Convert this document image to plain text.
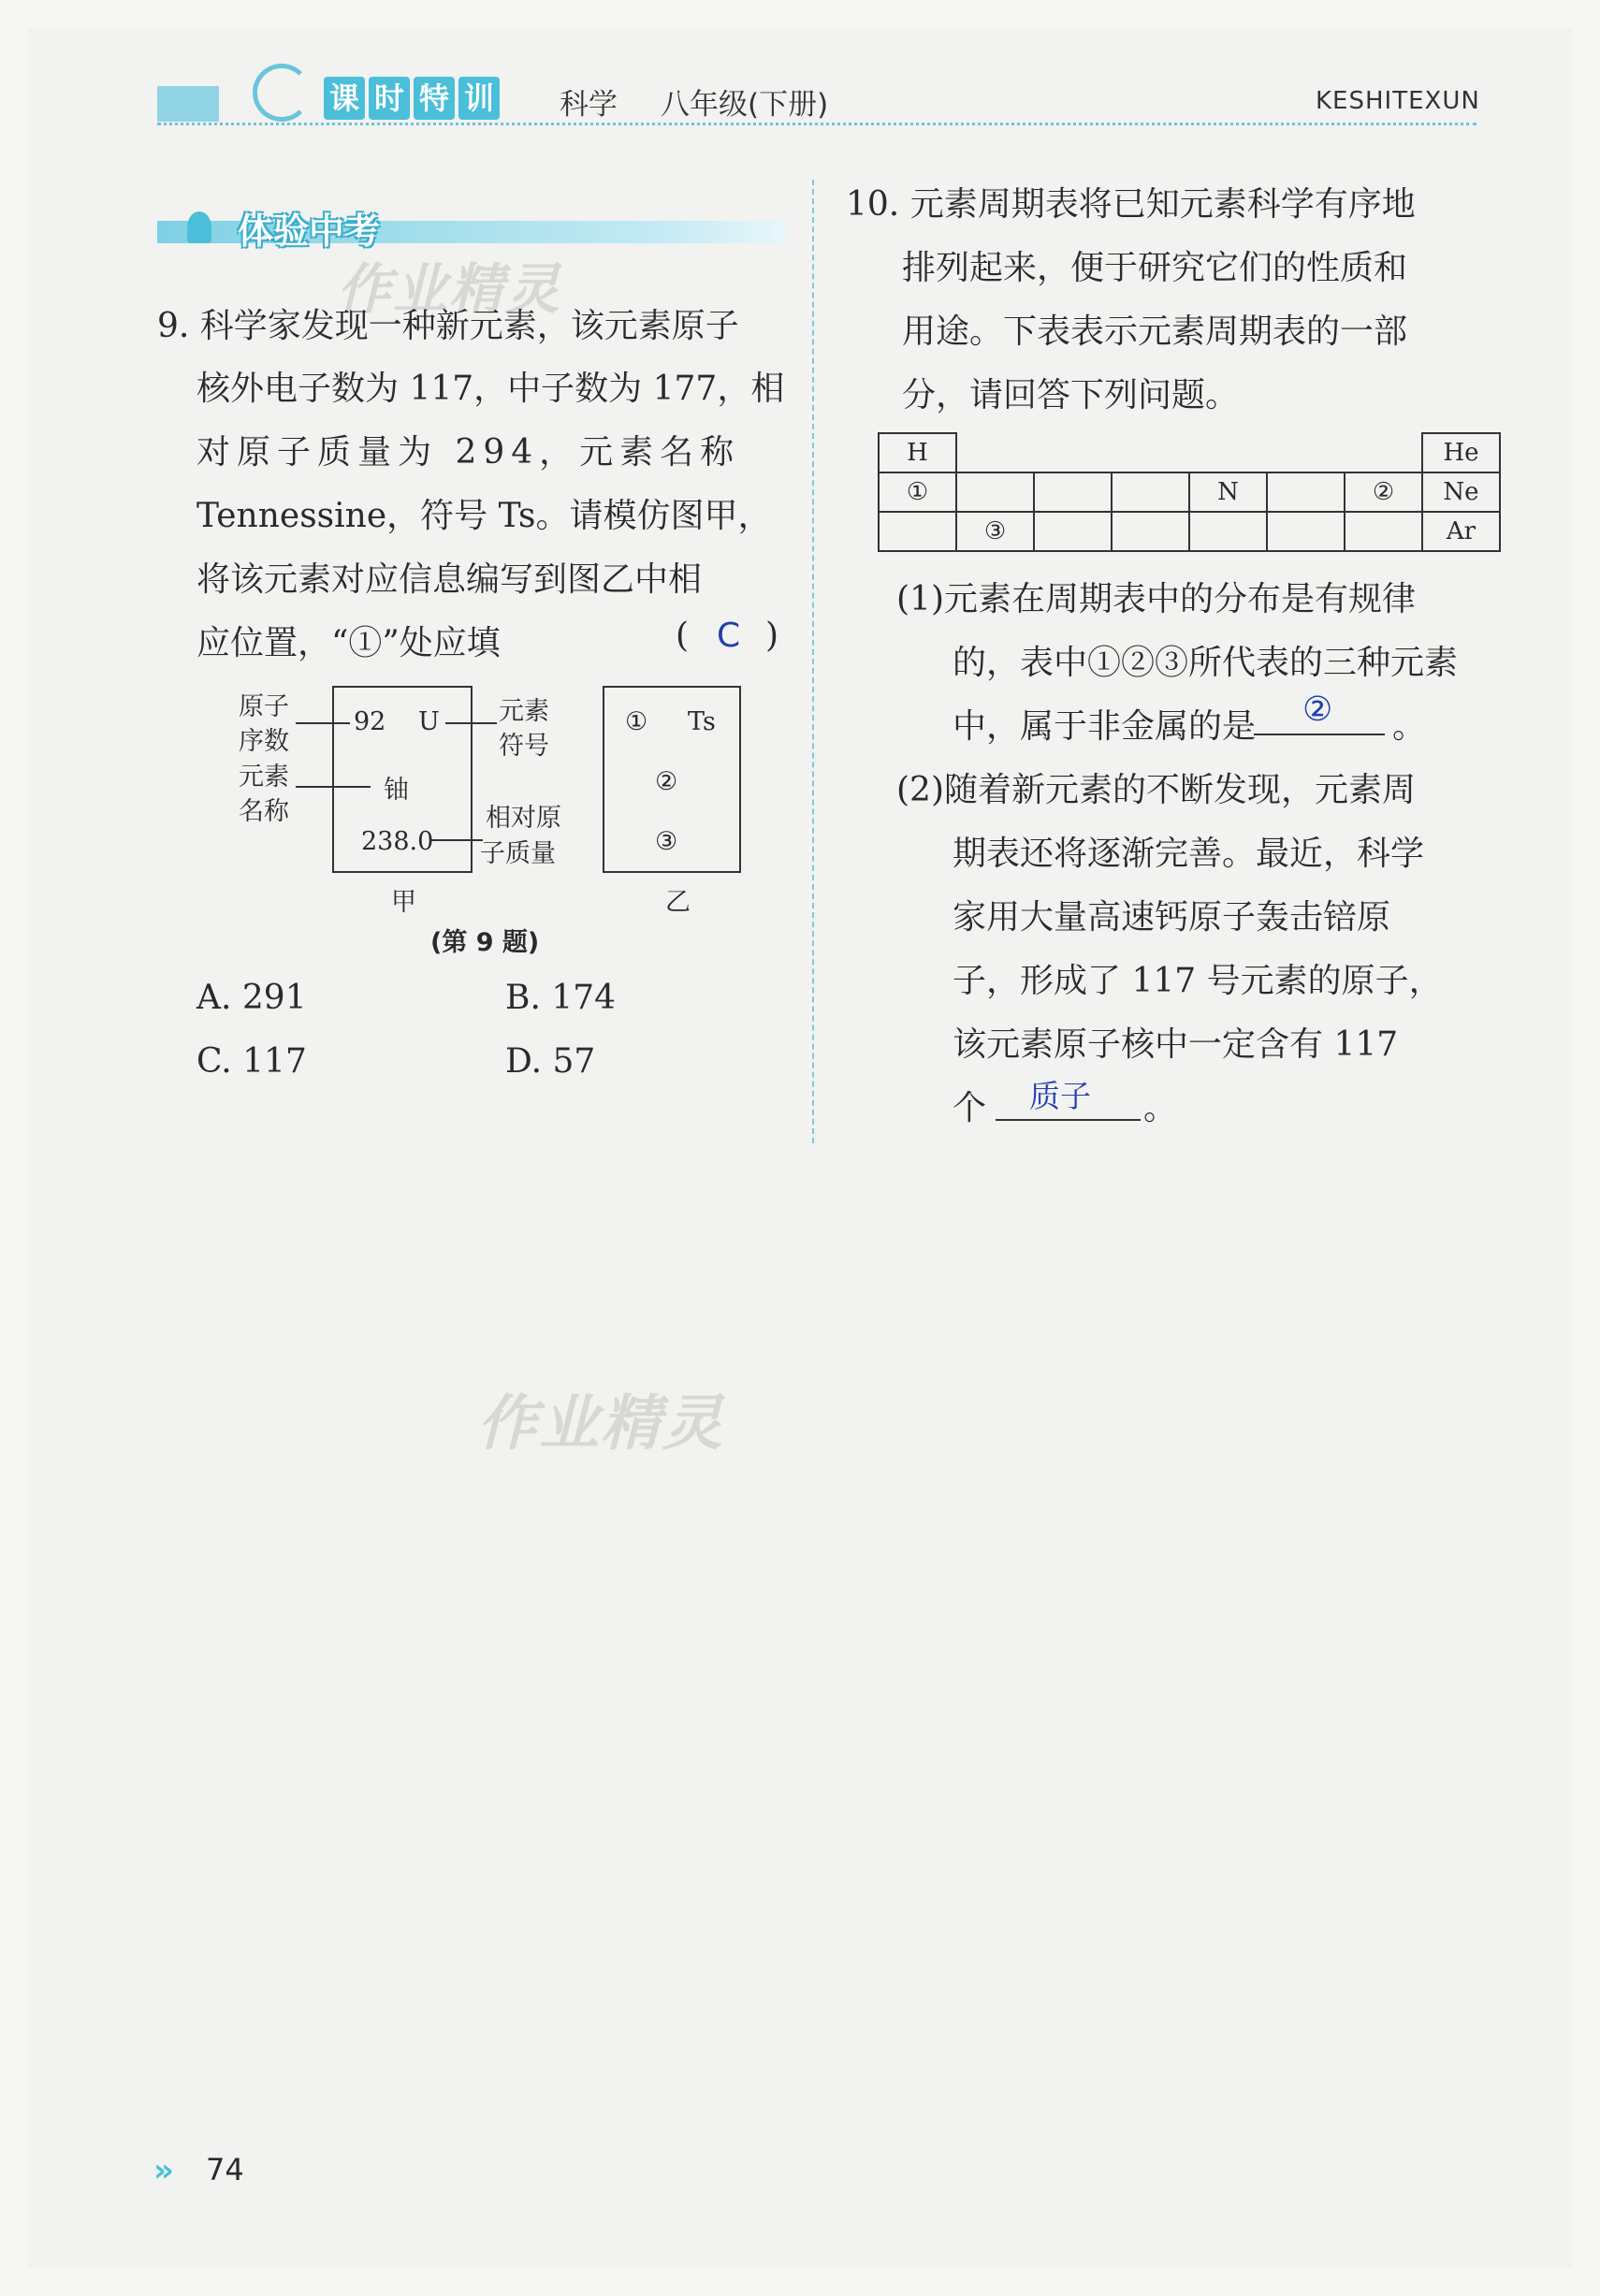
课 时 特 训 科学 八年级(下册)	KESHITEXUN
体验中考
作业精灵
作业精灵
9. 科学家发现一种新元素，该元素原子
核外电子数为 117，中子数为 177，相
对原子质量为 294，元素名称
Tennessine，符号 Ts。请模仿图甲，
将该元素对应信息编写到图乙中相
应位置，“①”处应填	( C )
原子
序数
元素
名称
92 U
铀
238.0
元素
符号
相对原
子质量
甲
① Ts
②
③
乙
(第 9 题)
A. 291	B. 174
C. 117	D. 57
10. 元素周期表将已知元素科学有序地
排列起来，便于研究它们的性质和
用途。下表表示元素周期表的一部
分，请回答下列问题。
H							He
①				N		②	Ne
	③						Ar
(1)元素在周期表中的分布是有规律
的，表中①②③所代表的三种元素
中，属于非金属的是 ② 。
(2)随着新元素的不断发现，元素周
期表还将逐渐完善。最近，科学
家用大量高速钙原子轰击锫原
子，形成了 117 号元素的原子，
该元素原子核中一定含有 117
个 质子 。
» 74
